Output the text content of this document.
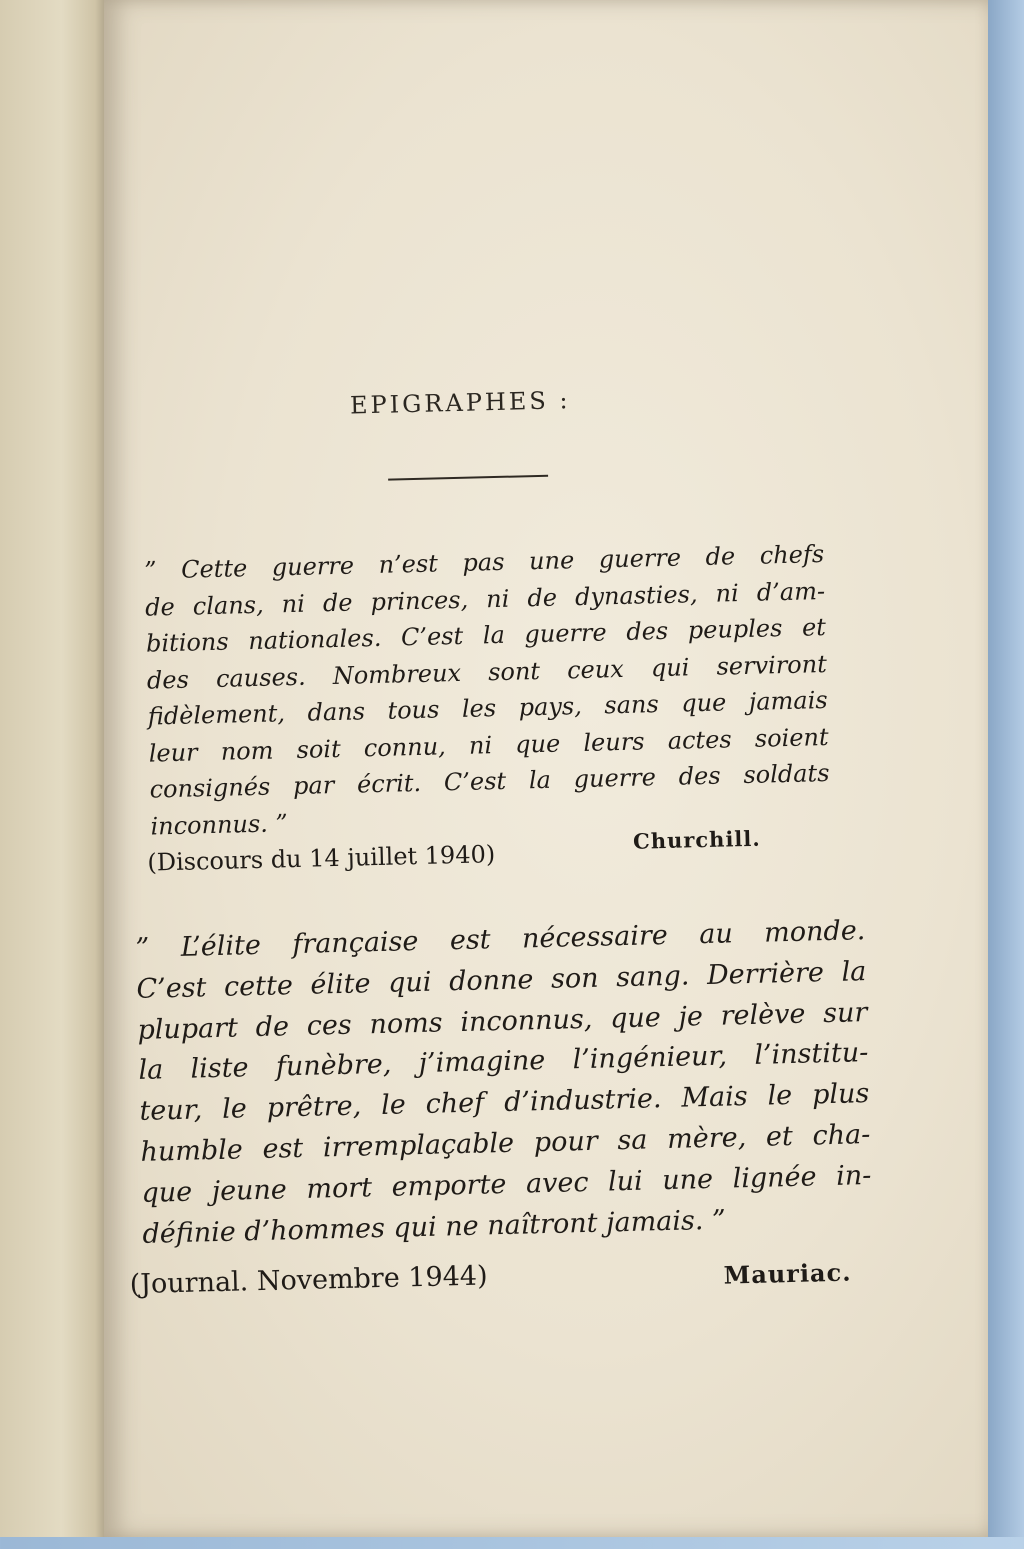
EPIGRAPHES :
” Cette guerre n’est pas une guerre de chefs
de clans, ni de princes, ni de dynasties, ni d’am-
bitions nationales. C’est la guerre des peuples et
des causes. Nombreux sont ceux qui serviront
fidèlement, dans tous les pays, sans que jamais
leur nom soit connu, ni que leurs actes soient
consignés par écrit. C’est la guerre des soldats
inconnus. ”
(Discours du 14 juillet 1940)
Churchill.
” L’élite française est nécessaire au monde.
C’est cette élite qui donne son sang. Derrière la
plupart de ces noms inconnus, que je relève sur
la liste funèbre, j’imagine l’ingénieur, l’institu-
teur, le prêtre, le chef d’industrie. Mais le plus
humble est irremplaçable pour sa mère, et cha-
que jeune mort emporte avec lui une lignée in-
définie d’hommes qui ne naîtront jamais. ”
(Journal. Novembre 1944)	Mauriac.
